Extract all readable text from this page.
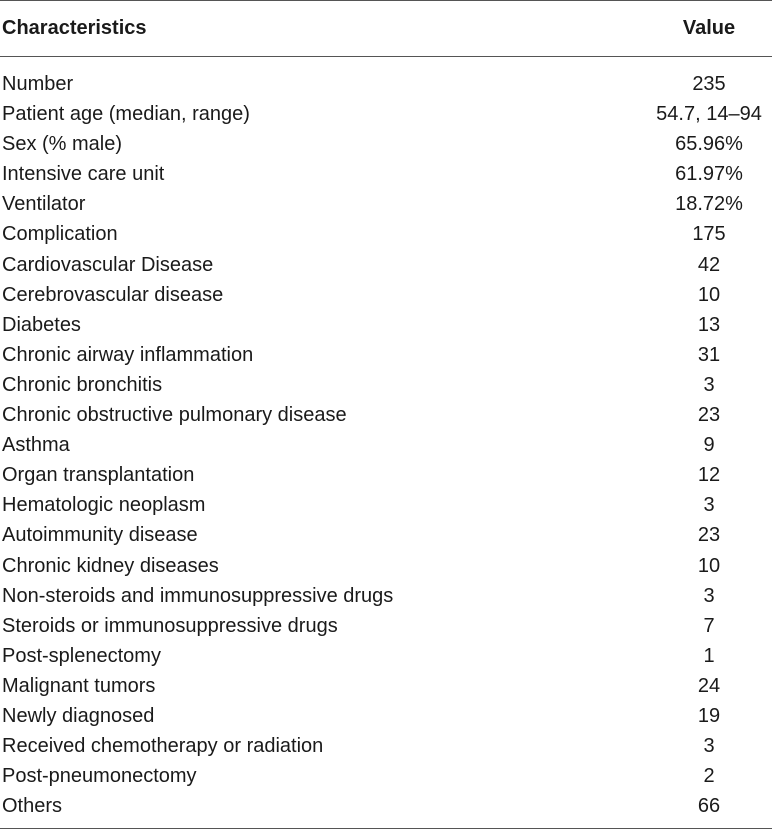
Characteristics	Value
Number	235
Patient age (median, range)	54.7, 14–94
Sex (% male)	65.96%
Intensive care unit	61.97%
Ventilator	18.72%
Complication	175
Cardiovascular Disease	42
Cerebrovascular disease	10
Diabetes	13
Chronic airway inflammation	31
Chronic bronchitis	3
Chronic obstructive pulmonary disease	23
Asthma	9
Organ transplantation	12
Hematologic neoplasm	3
Autoimmunity disease	23
Chronic kidney diseases	10
Non-steroids and immunosuppressive drugs	3
Steroids or immunosuppressive drugs	7
Post-splenectomy	1
Malignant tumors	24
Newly diagnosed	19
Received chemotherapy or radiation	3
Post-pneumonectomy	2
Others	66
